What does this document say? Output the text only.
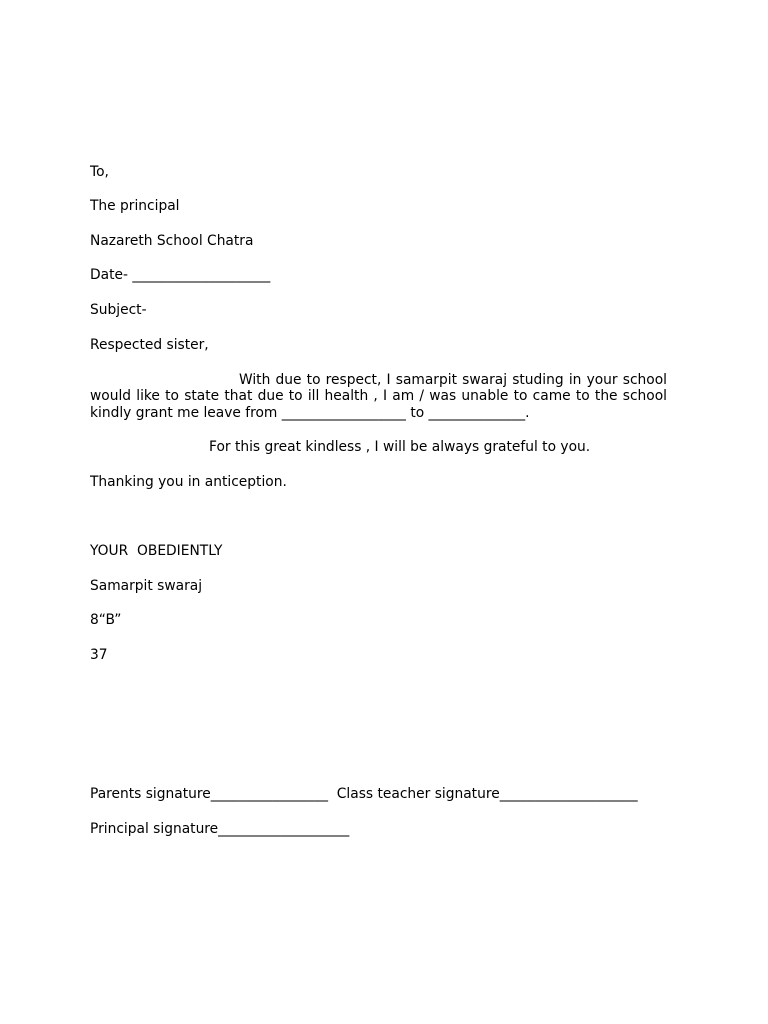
To,
The principal
Nazareth School Chatra
Date- ____________________
Subject-
Respected sister,
With due to respect, I samarpit swaraj studing in your school
would like to state that due to ill health , I am / was unable to came to the school
kindly grant me leave from __________________ to ______________.
For this great kindless , I will be always grateful to you.
Thanking you in antiception.
YOUR  OBEDIENTLY
Samarpit swaraj
8“B”
37
Parents signature_________________ Class teacher signature____________________
Principal signature___________________
